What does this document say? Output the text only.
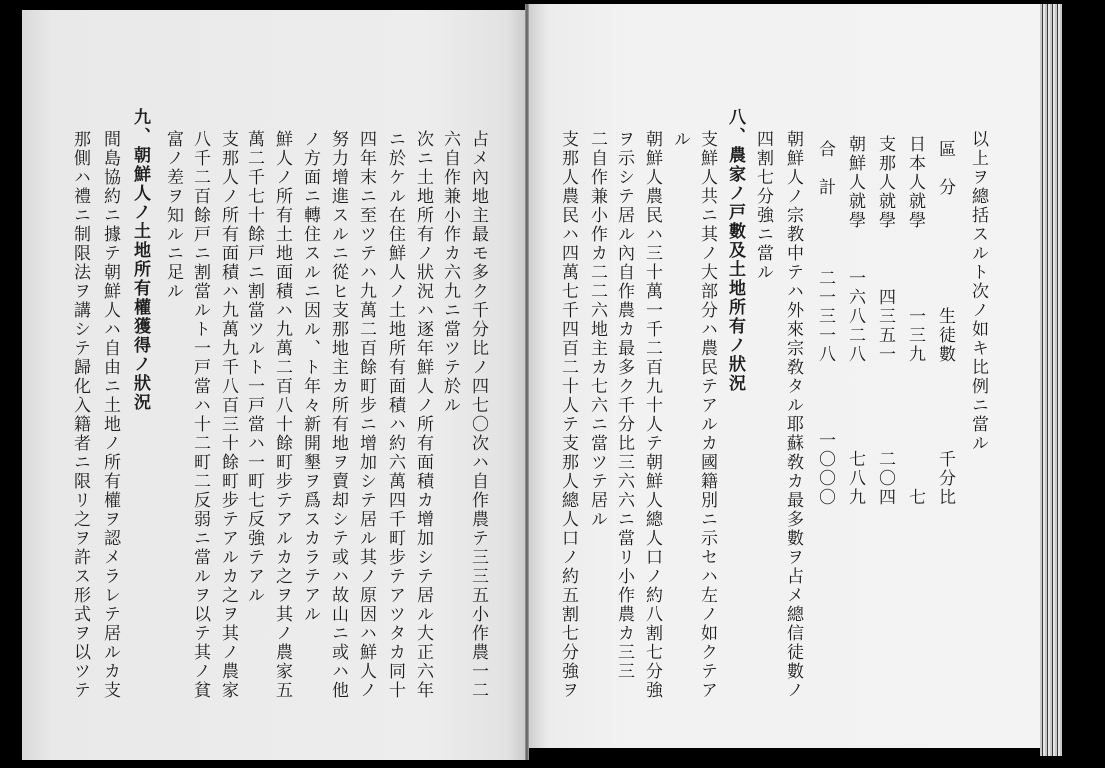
以上ヲ總括スルト次ノ如キ比例ニ當ル
區　分
生徒數
千分比
日本人就學
一三九
七
支那人就學
四三五一
二〇四
朝鮮人就學
一六八二八
七八九
合　計
二一三一八
一〇〇〇
朝鮮人ノ宗教中テハ外來宗敎タル耶蘇敎カ最多數ヲ占メ總信徒數ノ
四割七分強ニ當ル
八、農家ノ戸數及土地所有ノ狀況
支鮮人共ニ其ノ大部分ハ農民テアルカ國籍別ニ示セハ左ノ如クテア
ル
朝鮮人農民ハ三十萬一千二百九十人テ朝鮮人總人口ノ約八割七分強
ヲ示シテ居ル內自作農カ最多ク千分比三六六ニ當リ小作農カ三三
二自作兼小作カ二二六地主カ七六ニ當ツテ居ル
支那人農民ハ四萬七千四百二十人テ支那人總人口ノ約五割七分強ヲ
占メ內地主最モ多ク千分比ノ四七〇次ハ自作農テ三三五小作農一二
六自作兼小作カ六九ニ當ツテ於ル
次ニ土地所有ノ狀況ハ逐年鮮人ノ所有面積カ增加シテ居ル大正六年
ニ於ケル在住鮮人ノ土地所有面積ハ約六萬四千町步テアツタカ同十
四年末ニ至ツテハ九萬二百餘町步ニ增加シテ居ル其ノ原因ハ鮮人ノ
努力增進スルニ從ヒ支那地主カ所有地ヲ賣却シテ或ハ故山ニ或ハ他
ノ方面ニ轉住スルニ因ル、ト年々新開墾ヲ爲スカラテアル
鮮人ノ所有土地面積ハ九萬二百八十餘町步テアルカ之ヲ其ノ農家五
萬二千七十餘戸ニ割當ツルト一戸當ハ一町七反強テアル
支那人ノ所有面積ハ九萬九千八百三十餘町步テアルカ之ヲ其ノ農家
八千二百餘戸ニ割當ルト一戸當ハ十二町二反弱ニ當ルヲ以テ其ノ貧
富ノ差ヲ知ルニ足ル
九、朝鮮人ノ土地所有權獲得ノ狀況
間島協約ニ據テ朝鮮人ハ自由ニ土地ノ所有權ヲ認メラレテ居ルカ支
那側ハ禮ニ制限法ヲ講シテ歸化入籍者ニ限リ之ヲ許ス形式ヲ以ツテ
